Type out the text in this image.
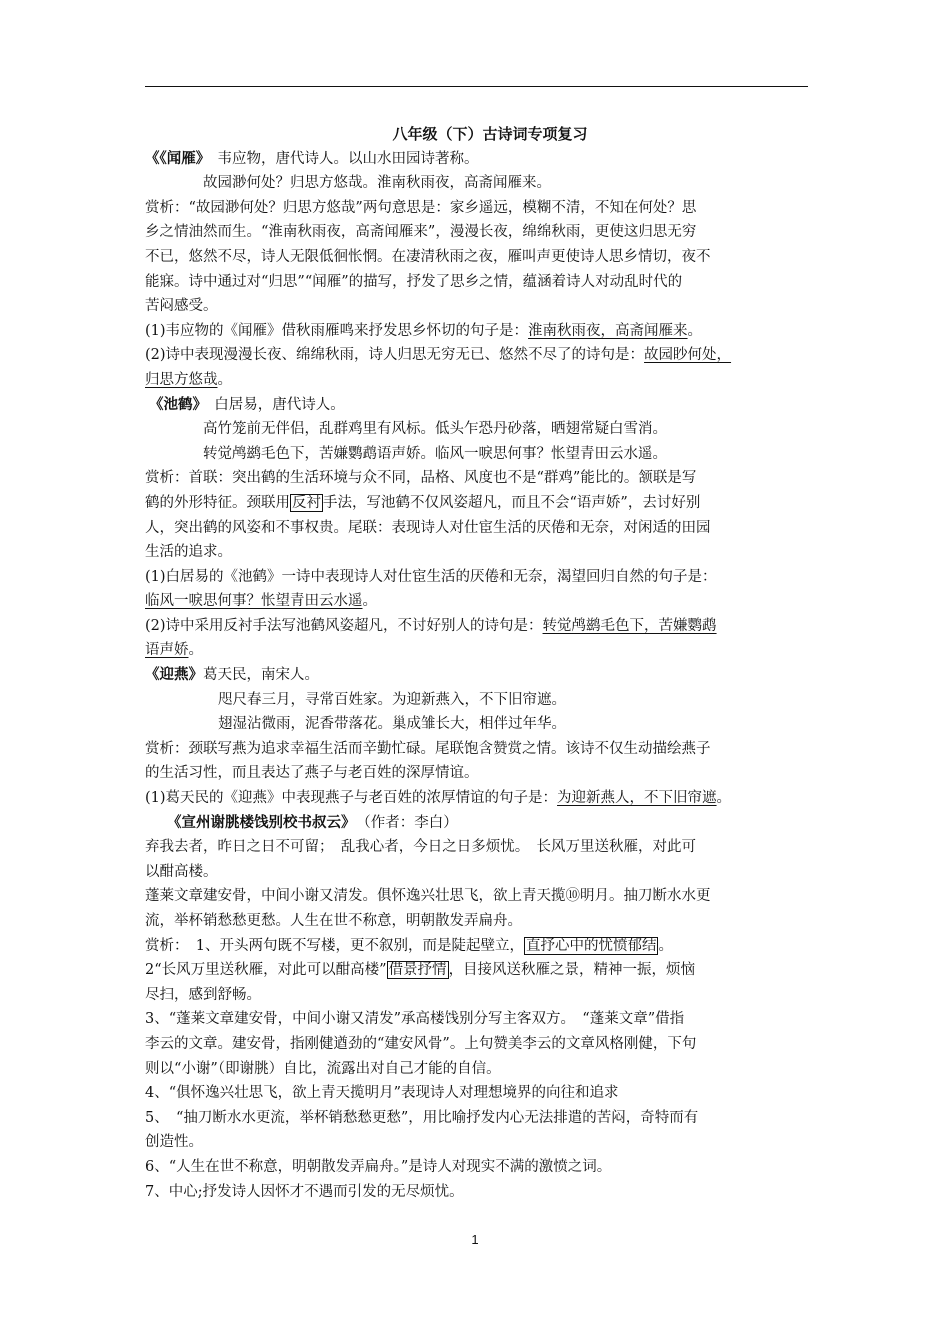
八年级（下）古诗词专项复习
《《闻雁》　韦应物，唐代诗人。以山水田园诗著称。
故园渺何处？归思方悠哉。淮南秋雨夜，高斋闻雁来。
赏析：“故园渺何处？归思方悠哉”两句意思是：家乡遥远，模糊不清，不知在何处？思
乡之情油然而生。“淮南秋雨夜，高斋闻雁来”，漫漫长夜，绵绵秋雨，更使这归思无穷
不已，悠然不尽，诗人无限低徊怅惘。在凄清秋雨之夜，雁叫声更使诗人思乡情切，夜不
能寐。诗中通过对“归思”“闻雁”的描写，抒发了思乡之情，蕴涵着诗人对动乱时代的
苦闷感受。
(1)韦应物的《闻雁》借秋雨雁鸣来抒发思乡怀切的句子是：淮南秋雨夜，高斋闻雁来。
(2)诗中表现漫漫长夜、绵绵秋雨，诗人归思无穷无已、悠然不尽了的诗句是：故园眇何处，
归思方悠哉。
《池鹤》　白居易，唐代诗人。
高竹笼前无伴侣，乱群鸡里有风标。低头乍恐丹砂落，晒翅常疑白雪消。
转觉鸬鹚毛色下，苦嫌鹦鹉语声娇。临风一唳思何事？怅望青田云水遥。
赏析：首联：突出鹤的生活环境与众不同，品格、风度也不是“群鸡”能比的。颔联是写
鹤的外形特征。颈联用 反衬 手法，写池鹤不仅风姿超凡，而且不会“语声娇”，去讨好别
人，突出鹤的风姿和不事权贵。尾联：表现诗人对仕宦生活的厌倦和无奈，对闲适的田园
生活的追求。
(1)白居易的《池鹤》一诗中表现诗人对仕宦生活的厌倦和无奈，渴望回归自然的句子是：
临风一唳思何事？怅望青田云水遥。
(2)诗中采用反衬手法写池鹤风姿超凡，不讨好别人的诗句是：转觉鸬鹚毛色下，苦嫌鹦鹉
语声娇。
《迎燕》葛天民，南宋人。
咫尺春三月，寻常百姓家。为迎新燕入，不下旧帘遮。
翅湿沾微雨，泥香带落花。巢成雏长大，相伴过年华。
赏析：颈联写燕为追求幸福生活而辛勤忙碌。尾联饱含赞赏之情。该诗不仅生动描绘燕子
的生活习性，而且表达了燕子与老百姓的深厚情谊。
(1)葛天民的《迎燕》中表现燕子与老百姓的浓厚情谊的句子是：为迎新燕人，不下旧帘遮。
《宣州谢朓楼饯别校书叔云》 （作者：李白）
弃我去者，昨日之日不可留；　乱我心者，今日之日多烦忧。　长风万里送秋雁，对此可
以酣高楼。
蓬莱文章建安骨，中间小谢又清发。俱怀逸兴壮思飞，欲上青天揽⑩明月。抽刀断水水更
流，举杯销愁愁更愁。人生在世不称意，明朝散发弄扁舟。
赏析：　1、开头两句既不写楼，更不叙别，而是陡起壁立， 直抒心中的忧愤郁结 。
2“长风万里送秋雁，对此可以酣高楼” 借景抒情 ，目接风送秋雁之景，精神一振，烦恼
尽扫，感到舒畅。
3、“蓬莱文章建安骨，中间小谢又清发”承高楼饯别分写主客双方。　“蓬莱文章”借指
李云的文章。建安骨，指刚健遒劲的“建安风骨”。上句赞美李云的文章风格刚健，下句
则以“小谢”（即谢朓）自比，流露出对自己才能的自信。
4、“俱怀逸兴壮思飞，欲上青天揽明月”表现诗人对理想境界的向往和追求
5、　“抽刀断水水更流，举杯销愁愁更愁”，用比喻抒发内心无法排遣的苦闷，奇特而有
创造性。
6、“人生在世不称意，明朝散发弄扁舟。”是诗人对现实不满的激愤之词。
7、中心;抒发诗人因怀才不遇而引发的无尽烦忧。
1
